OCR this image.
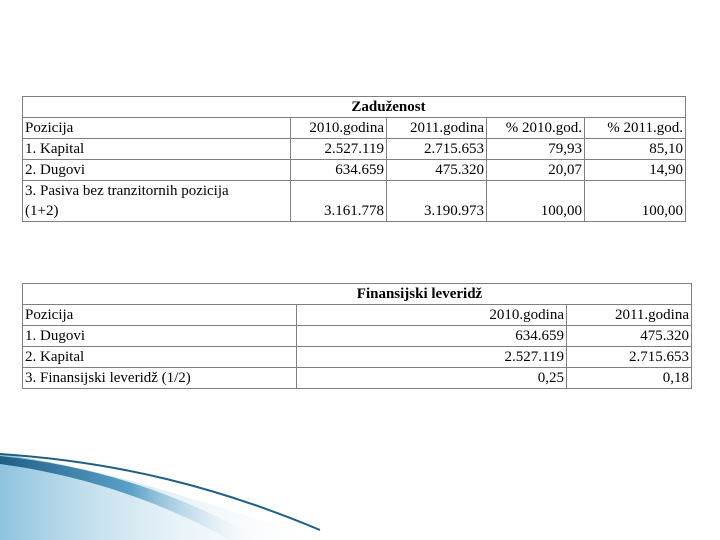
		Zaduženost			
Pozicija		2010.godina	2011.godina	% 2010.god.	% 2011.god.
1. Kapital		2.527.119	2.715.653	79,93	85,10
2. Dugovi		634.659	475.320	20,07	14,90

3. Pasiva bez tranzitornih pozicija
(1+2)		3.161.778	3.190.973	100,00	100,00
	Finansijski leveridž		
Pozicija		2010.godina	2011.godina
1. Dugovi		634.659	475.320
2. Kapital		2.527.119	2.715.653
3. Finansijski leveridž (1/2)		0,25	0,18
